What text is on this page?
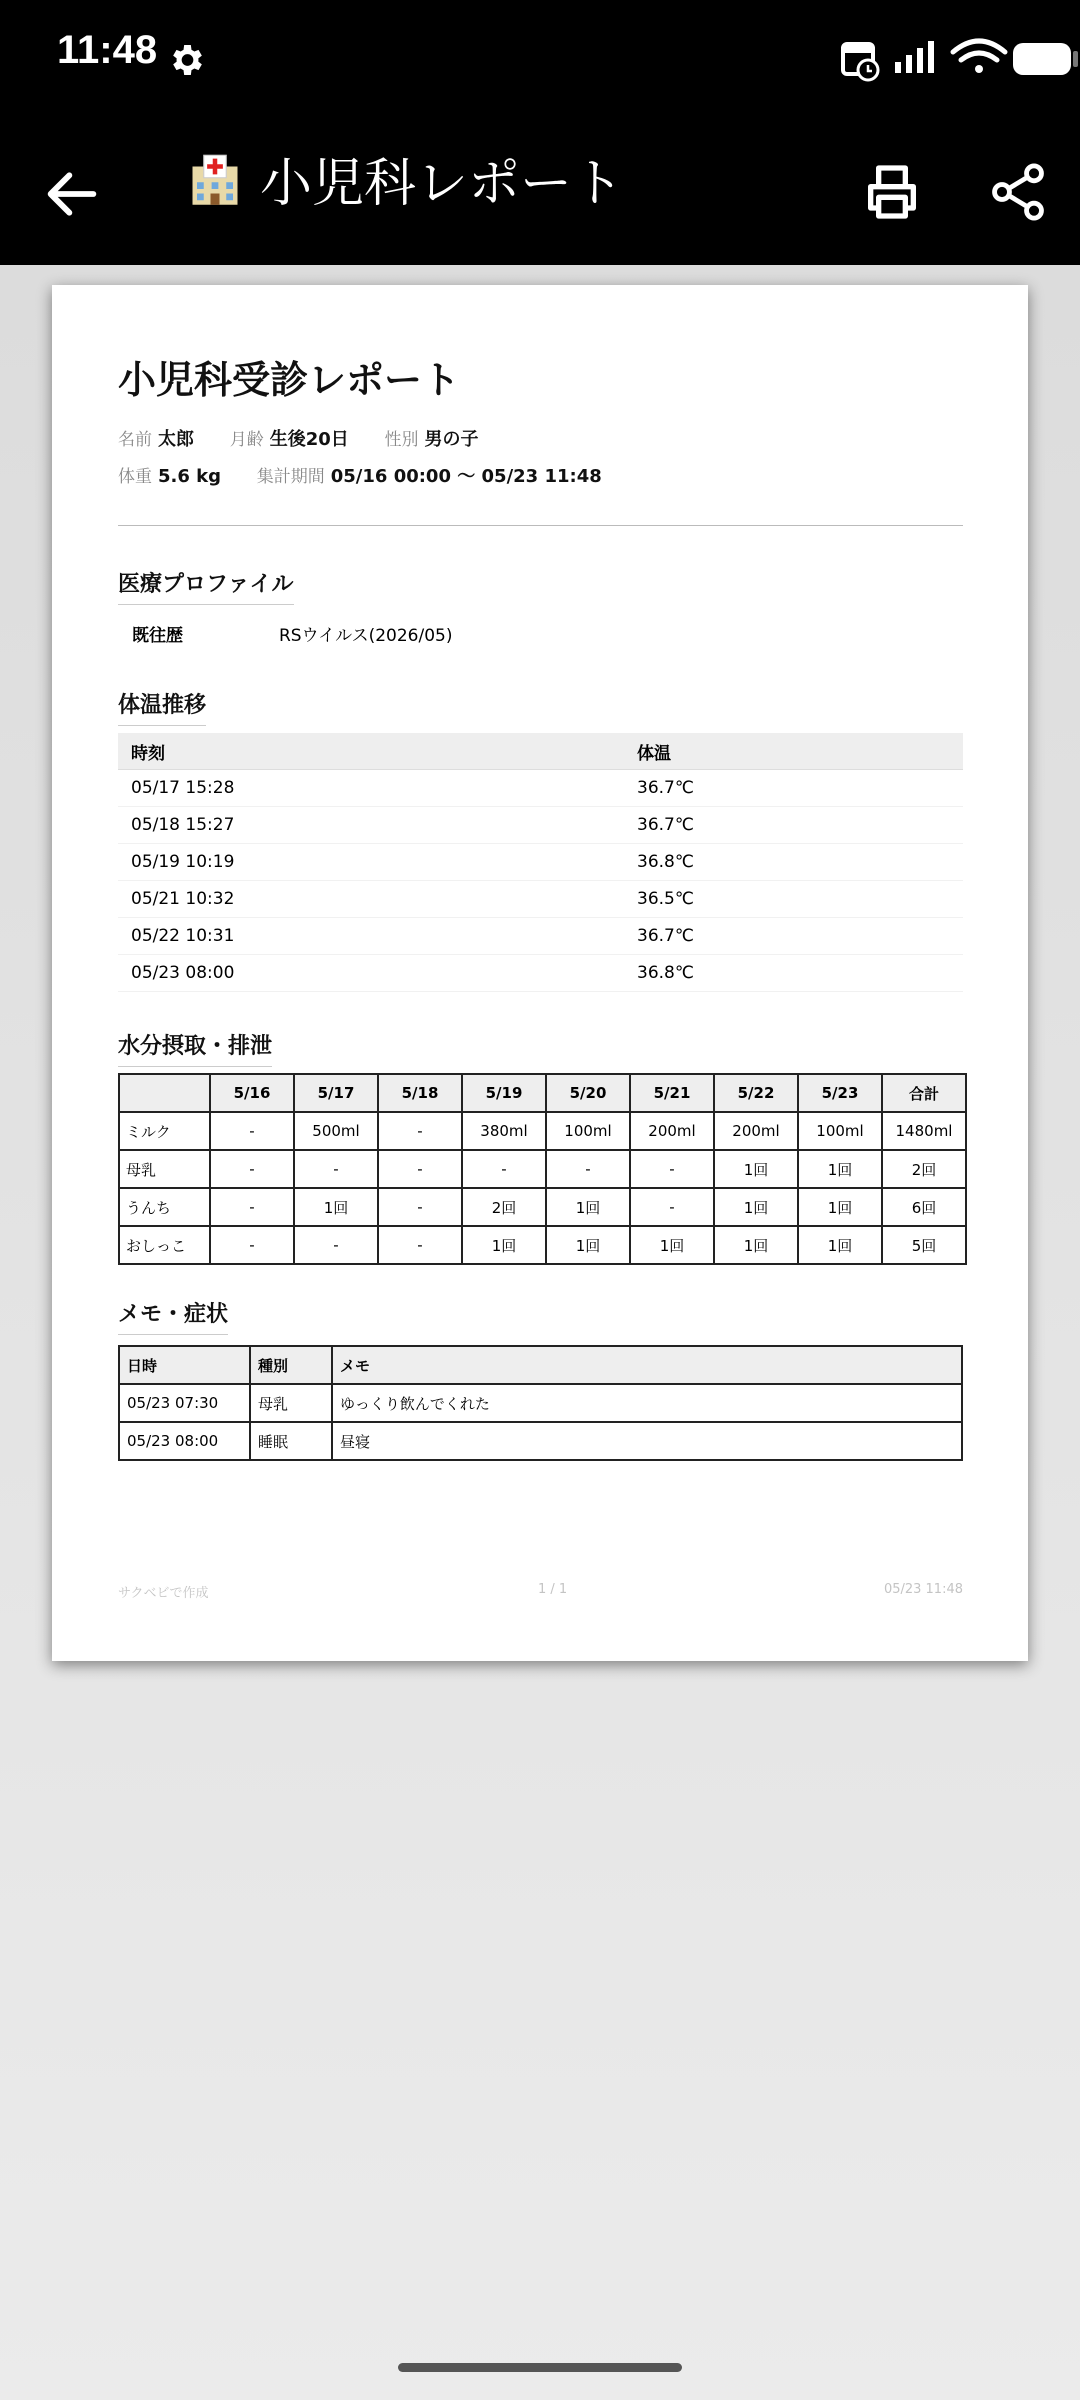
11:48
小児科レポート
小児科受診レポート
名前 太郎 月齢 生後20日 性別 男の子
体重 5.6 kg 集計期間 05/16 00:00 〜 05/23 11:48
医療プロファイル
既往歴	RSウイルス(2026/05)
体温推移
時刻	体温
05/17 15:28	36.7℃
05/18 15:27	36.7℃
05/19 10:19	36.8℃
05/21 10:32	36.5℃
05/22 10:31	36.7℃
05/23 08:00	36.8℃
水分摂取・排泄
	5/16	5/17	5/18	5/19	5/20	5/21	5/22	5/23	合計
ミルク	-	500ml	-	380ml	100ml	200ml	200ml	100ml	1480ml
母乳	-	-	-	-	-	-	1回	1回	2回
うんち	-	1回	-	2回	1回	-	1回	1回	6回
おしっこ	-	-	-	1回	1回	1回	1回	1回	5回
メモ・症状
日時	種別	メモ
05/23 07:30	母乳	ゆっくり飲んでくれた
05/23 08:00	睡眠	昼寝
サクベビで作成	1 / 1	05/23 11:48
